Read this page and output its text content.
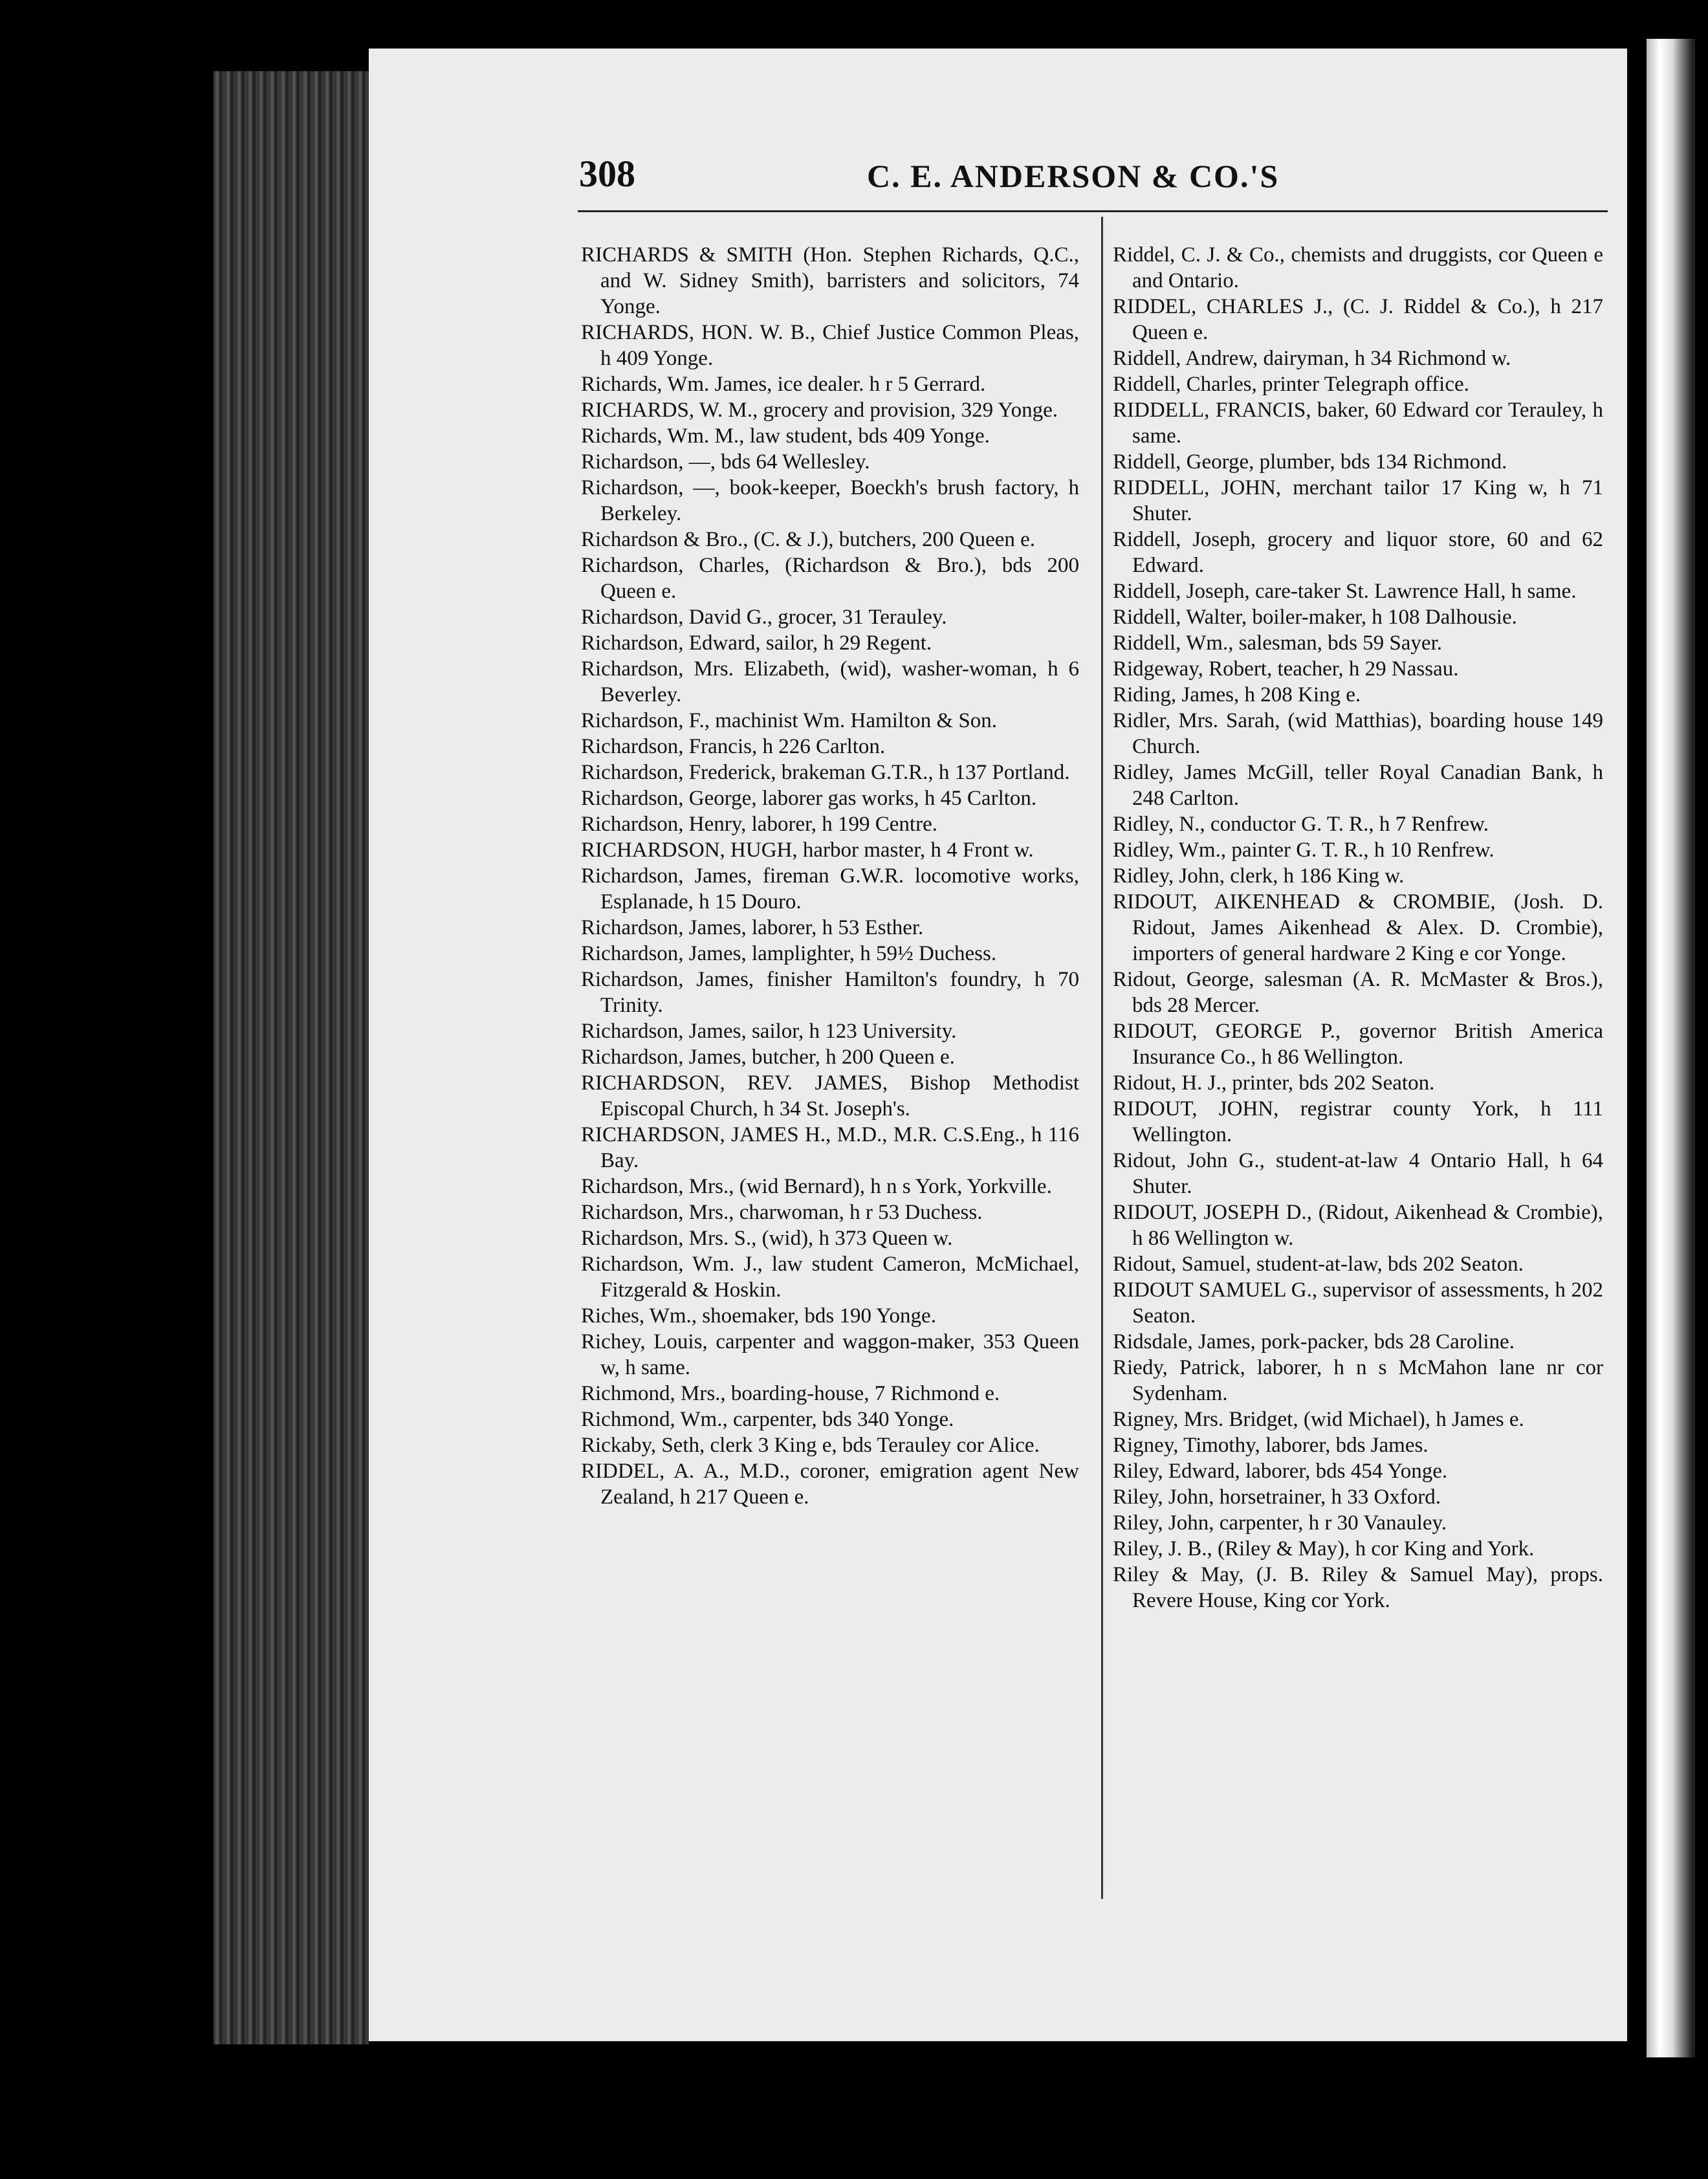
308	C. E. ANDERSON & CO.'S

RICHARDS & SMITH (Hon. Stephen Richards, Q.C., and W. Sidney Smith), barristers and solicitors, 74 Yonge.

RICHARDS, HON. W. B., Chief Justice Common Pleas, h 409 Yonge.

Richards, Wm. James, ice dealer. h r 5 Gerrard.

RICHARDS, W. M., grocery and provision, 329 Yonge.

Richards, Wm. M., law student, bds 409 Yonge.

Richardson, —, bds 64 Wellesley.

Richardson, —, book-keeper, Boeckh's brush factory, h Berkeley.

Richardson & Bro., (C. & J.), butchers, 200 Queen e.

Richardson, Charles, (Richardson & Bro.), bds 200 Queen e.

Richardson, David G., grocer, 31 Terauley.

Richardson, Edward, sailor, h 29 Regent.

Richardson, Mrs. Elizabeth, (wid), washer-woman, h 6 Beverley.

Richardson, F., machinist Wm. Hamilton & Son.

Richardson, Francis, h 226 Carlton.

Richardson, Frederick, brakeman G.T.R., h 137 Portland.

Richardson, George, laborer gas works, h 45 Carlton.

Richardson, Henry, laborer, h 199 Centre.

RICHARDSON, HUGH, harbor master, h 4 Front w.

Richardson, James, fireman G.W.R. locomotive works, Esplanade, h 15 Douro.

Richardson, James, laborer, h 53 Esther.

Richardson, James, lamplighter, h 59½ Duchess.

Richardson, James, finisher Hamilton's foundry, h 70 Trinity.

Richardson, James, sailor, h 123 University.

Richardson, James, butcher, h 200 Queen e.

RICHARDSON, REV. JAMES, Bishop Methodist Episcopal Church, h 34 St. Joseph's.

RICHARDSON, JAMES H., M.D., M.R. C.S.Eng., h 116 Bay.

Richardson, Mrs., (wid Bernard), h n s York, Yorkville.

Richardson, Mrs., charwoman, h r 53 Duchess.

Richardson, Mrs. S., (wid), h 373 Queen w.

Richardson, Wm. J., law student Cameron, McMichael, Fitzgerald & Hoskin.

Riches, Wm., shoemaker, bds 190 Yonge.

Richey, Louis, carpenter and waggon-maker, 353 Queen w, h same.

Richmond, Mrs., boarding-house, 7 Richmond e.

Richmond, Wm., carpenter, bds 340 Yonge.

Rickaby, Seth, clerk 3 King e, bds Terauley cor Alice.

RIDDEL, A. A., M.D., coroner, emigration agent New Zealand, h 217 Queen e.

Riddel, C. J. & Co., chemists and druggists, cor Queen e and Ontario.

RIDDEL, CHARLES J., (C. J. Riddel & Co.), h 217 Queen e.

Riddell, Andrew, dairyman, h 34 Richmond w.

Riddell, Charles, printer Telegraph office.

RIDDELL, FRANCIS, baker, 60 Edward cor Terauley, h same.

Riddell, George, plumber, bds 134 Richmond.

RIDDELL, JOHN, merchant tailor 17 King w, h 71 Shuter.

Riddell, Joseph, grocery and liquor store, 60 and 62 Edward.

Riddell, Joseph, care-taker St. Lawrence Hall, h same.

Riddell, Walter, boiler-maker, h 108 Dalhousie.

Riddell, Wm., salesman, bds 59 Sayer.

Ridgeway, Robert, teacher, h 29 Nassau.

Riding, James, h 208 King e.

Ridler, Mrs. Sarah, (wid Matthias), boarding house 149 Church.

Ridley, James McGill, teller Royal Canadian Bank, h 248 Carlton.

Ridley, N., conductor G. T. R., h 7 Renfrew.

Ridley, Wm., painter G. T. R., h 10 Renfrew.

Ridley, John, clerk, h 186 King w.

RIDOUT, AIKENHEAD & CROMBIE, (Josh. D. Ridout, James Aikenhead & Alex. D. Crombie), importers of general hardware 2 King e cor Yonge.

Ridout, George, salesman (A. R. McMaster & Bros.), bds 28 Mercer.

RIDOUT, GEORGE P., governor British America Insurance Co., h 86 Wellington.

Ridout, H. J., printer, bds 202 Seaton.

RIDOUT, JOHN, registrar county York, h 111 Wellington.

Ridout, John G., student-at-law 4 Ontario Hall, h 64 Shuter.

RIDOUT, JOSEPH D., (Ridout, Aikenhead & Crombie), h 86 Wellington w.

Ridout, Samuel, student-at-law, bds 202 Seaton.

RIDOUT SAMUEL G., supervisor of assessments, h 202 Seaton.

Ridsdale, James, pork-packer, bds 28 Caroline.

Riedy, Patrick, laborer, h n s McMahon lane nr cor Sydenham.

Rigney, Mrs. Bridget, (wid Michael), h James e.

Rigney, Timothy, laborer, bds James.

Riley, Edward, laborer, bds 454 Yonge.

Riley, John, horsetrainer, h 33 Oxford.

Riley, John, carpenter, h r 30 Vanauley.

Riley, J. B., (Riley & May), h cor King and York.

Riley & May, (J. B. Riley & Samuel May), props. Revere House, King cor York.
